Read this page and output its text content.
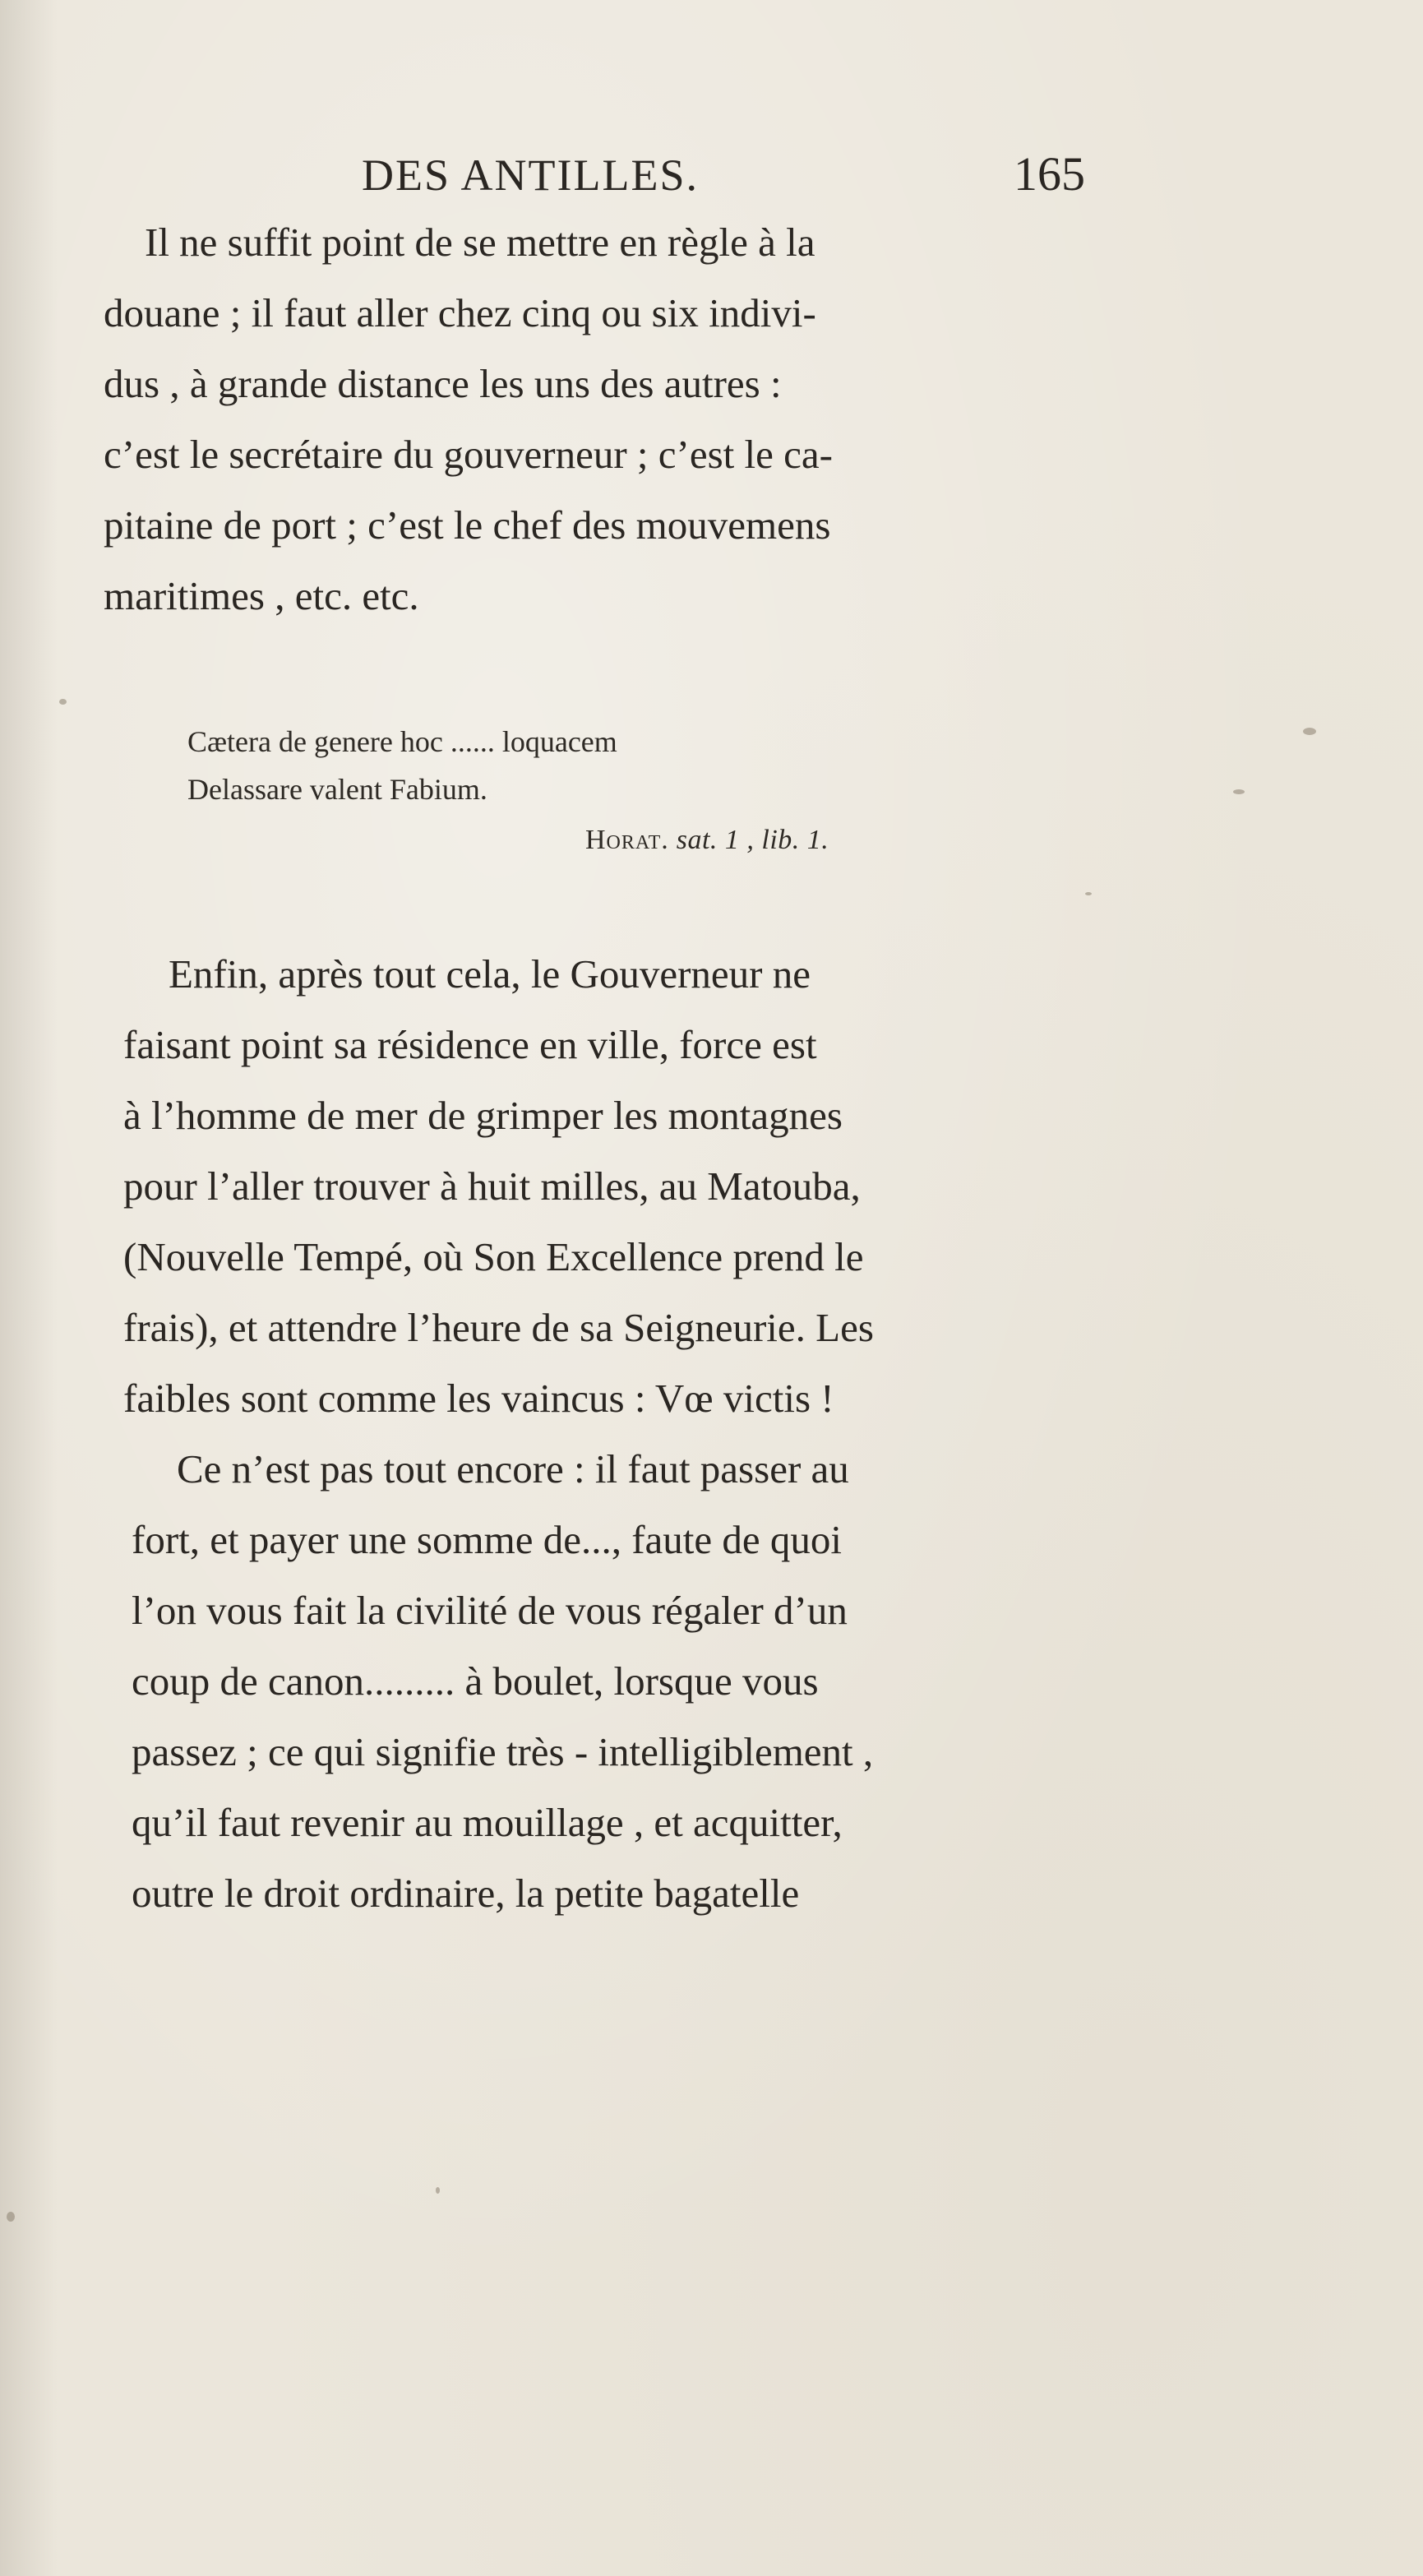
DES ANTILLES.	165
Il ne suffit point de se mettre en règle à la
douane ; il faut aller chez cinq ou six indivi-
dus , à grande distance les uns des autres :
c’est le secrétaire du gouverneur ; c’est le ca-
pitaine de port ; c’est le chef des mouvemens
maritimes , etc. etc.
Cætera de genere hoc ...... loquacem
Delassare valent Fabium.
Horat. sat. 1 , lib. 1.
Enfin, après tout cela, le Gouverneur ne
faisant point sa résidence en ville, force est
à l’homme de mer de grimper les montagnes
pour l’aller trouver à huit milles, au Matouba,
(Nouvelle Tempé, où Son Excellence prend le
frais), et attendre l’heure de sa Seigneurie. Les
faibles sont comme les vaincus : Vœ victis !
Ce n’est pas tout encore : il faut passer au
fort, et payer une somme de..., faute de quoi
l’on vous fait la civilité de vous régaler d’un
coup de canon......... à boulet, lorsque vous
passez ; ce qui signifie très - intelligiblement ,
qu’il faut revenir au mouillage , et acquitter,
outre le droit ordinaire, la petite bagatelle
